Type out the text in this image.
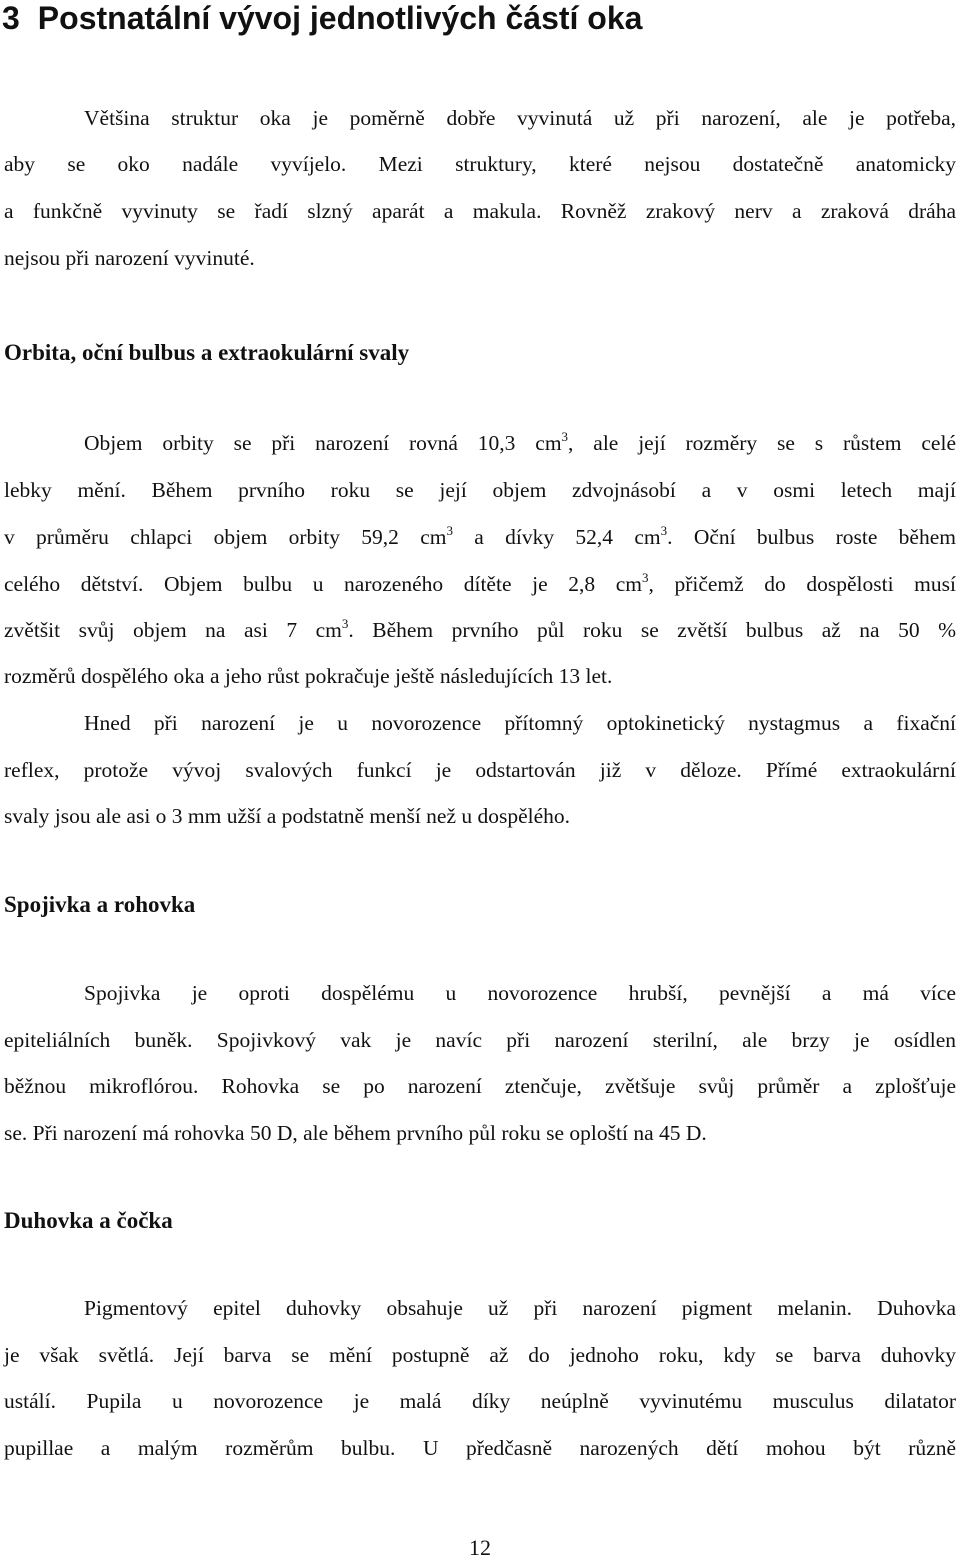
3 Postnatální vývoj jednotlivých částí oka
Většina struktur oka je poměrně dobře vyvinutá už při narození, ale je potřeba,
aby se oko nadále vyvíjelo. Mezi struktury, které nejsou dostatečně anatomicky
a funkčně vyvinuty se řadí slzný aparát a makula. Rovněž zrakový nerv a zraková dráha
nejsou při narození vyvinuté.
Orbita, oční bulbus a extraokulární svaly
Objem orbity se při narození rovná 10,3 $cm^3$, ale její rozměry se s růstem celé
lebky mění. Během prvního roku se její objem zdvojnásobí a v osmi letech mají
v průměru chlapci objem orbity 59,2 $cm^3$ a dívky 52,4 $cm^3$. Oční bulbus roste během
celého dětství. Objem bulbu u narozeného dítěte je 2,8 $cm^3$, přičemž do dospělosti musí
zvětšit svůj objem na asi 7 $cm^3$. Během prvního půl roku se zvětší bulbus až na 50 %
rozměrů dospělého oka a jeho růst pokračuje ještě následujících 13 let.
Hned při narození je u novorozence přítomný optokinetický nystagmus a fixační
reflex, protože vývoj svalových funkcí je odstartován již v děloze. Přímé extraokulární
svaly jsou ale asi o 3 mm užší a podstatně menší než u dospělého.
Spojivka a rohovka
Spojivka je oproti dospělému u novorozence hrubší, pevnější a má více
epiteliálních buněk. Spojivkový vak je navíc při narození sterilní, ale brzy je osídlen
běžnou mikroflórou. Rohovka se po narození ztenčuje, zvětšuje svůj průměr a zplošťuje
se. Při narození má rohovka 50 D, ale během prvního půl roku se oploští na 45 D.
Duhovka a čočka
Pigmentový epitel duhovky obsahuje už při narození pigment melanin. Duhovka
je však světlá. Její barva se mění postupně až do jednoho roku, kdy se barva duhovky
ustálí. Pupila u novorozence je malá díky neúplně vyvinutému musculus dilatator
pupillae a malým rozměrům bulbu. U předčasně narozených dětí mohou být různě
12
